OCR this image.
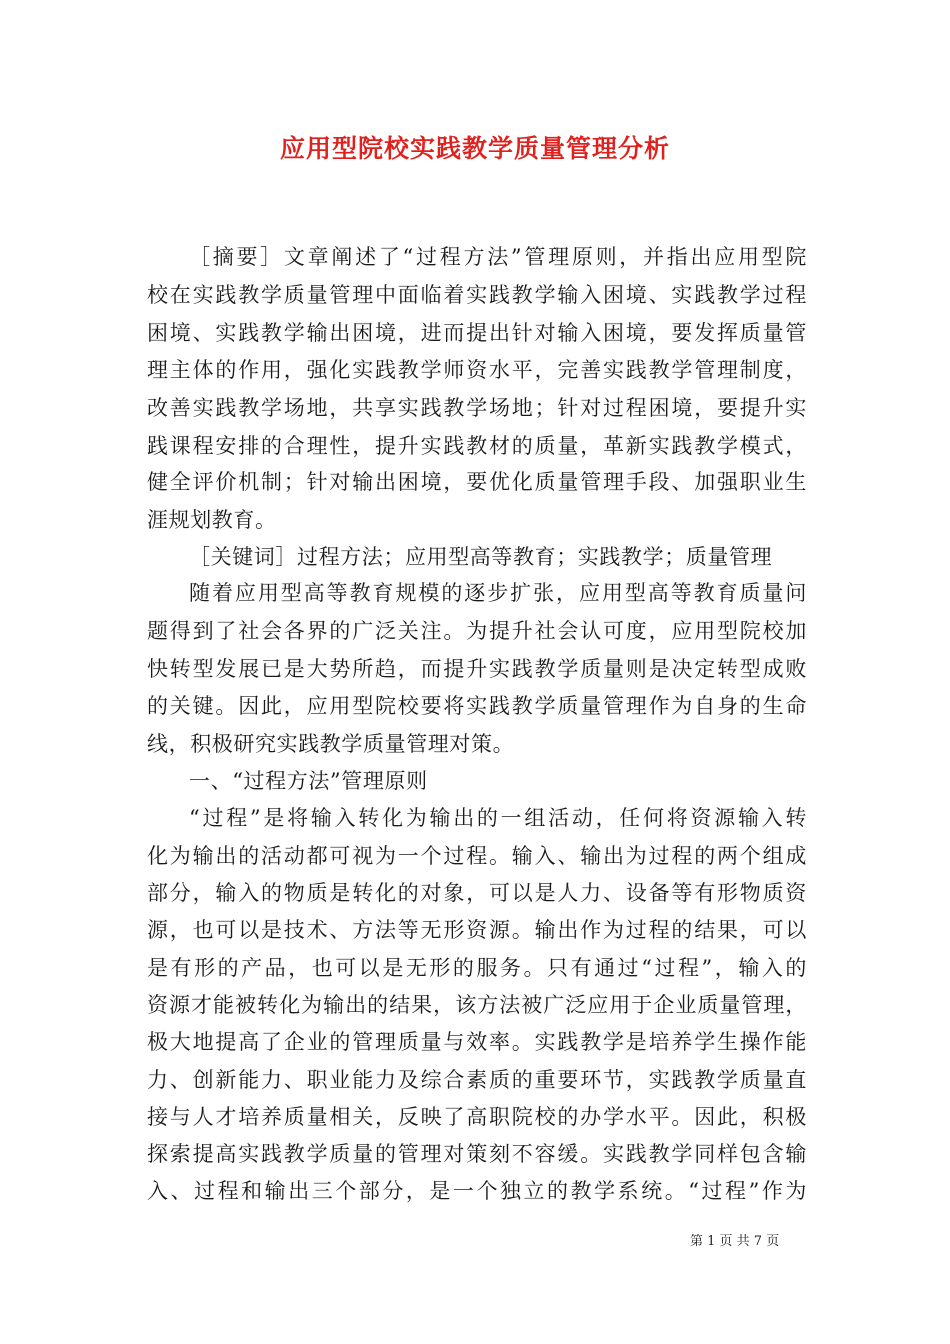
应用型院校实践教学质量管理分析
［摘要］文章阐述了“过程方法”管理原则，并指出应用型院
校在实践教学质量管理中面临着实践教学输入困境、实践教学过程
困境、实践教学输出困境，进而提出针对输入困境，要发挥质量管
理主体的作用，强化实践教学师资水平，完善实践教学管理制度，
改善实践教学场地，共享实践教学场地；针对过程困境，要提升实
践课程安排的合理性，提升实践教材的质量，革新实践教学模式，
健全评价机制；针对输出困境，要优化质量管理手段、加强职业生
涯规划教育。
［关键词］过程方法；应用型高等教育；实践教学；质量管理
随着应用型高等教育规模的逐步扩张，应用型高等教育质量问
题得到了社会各界的广泛关注。为提升社会认可度，应用型院校加
快转型发展已是大势所趋，而提升实践教学质量则是决定转型成败
的关键。因此，应用型院校要将实践教学质量管理作为自身的生命
线，积极研究实践教学质量管理对策。
一、“过程方法”管理原则
“过程”是将输入转化为输出的一组活动，任何将资源输入转
化为输出的活动都可视为一个过程。输入、输出为过程的两个组成
部分，输入的物质是转化的对象，可以是人力、设备等有形物质资
源，也可以是技术、方法等无形资源。输出作为过程的结果，可以
是有形的产品，也可以是无形的服务。只有通过“过程”，输入的
资源才能被转化为输出的结果，该方法被广泛应用于企业质量管理，
极大地提高了企业的管理质量与效率。实践教学是培养学生操作能
力、创新能力、职业能力及综合素质的重要环节，实践教学质量直
接与人才培养质量相关，反映了高职院校的办学水平。因此，积极
探索提高实践教学质量的管理对策刻不容缓。实践教学同样包含输
入、过程和输出三个部分，是一个独立的教学系统。“过程”作为
第 1 页 共 7 页
